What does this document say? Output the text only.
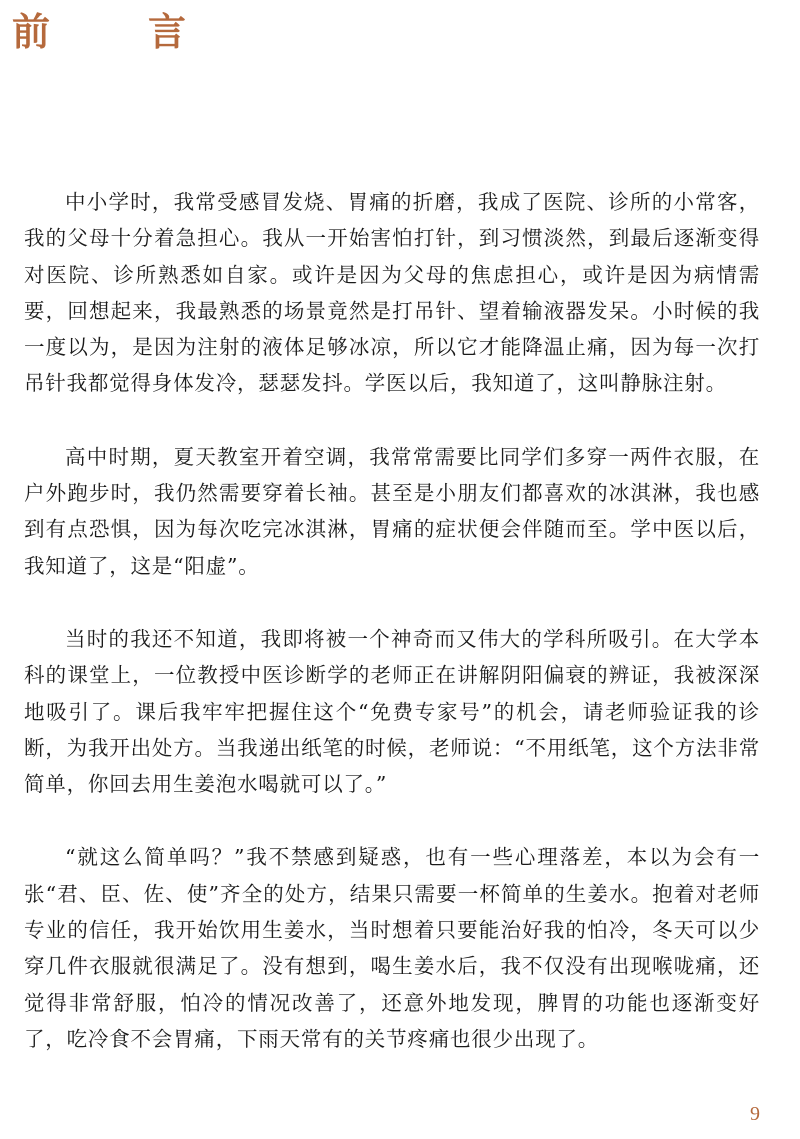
前　言

中小学时，我常受感冒发烧、胃痛的折磨，我成了医院、诊所的小常客，我的父母十分着急担心。我从一开始害怕打针，到习惯淡然，到最后逐渐变得对医院、诊所熟悉如自家。或许是因为父母的焦虑担心，或许是因为病情需要，回想起来，我最熟悉的场景竟然是打吊针、望着输液器发呆。小时候的我一度以为，是因为注射的液体足够冰凉，所以它才能降温止痛，因为每一次打吊针我都觉得身体发冷，瑟瑟发抖。学医以后，我知道了，这叫静脉注射。

高中时期，夏天教室开着空调，我常常需要比同学们多穿一两件衣服，在户外跑步时，我仍然需要穿着长袖。甚至是小朋友们都喜欢的冰淇淋，我也感到有点恐惧，因为每次吃完冰淇淋，胃痛的症状便会伴随而至。学中医以后，我知道了，这是“阳虚”。

当时的我还不知道，我即将被一个神奇而又伟大的学科所吸引。在大学本科的课堂上，一位教授中医诊断学的老师正在讲解阴阳偏衰的辨证，我被深深地吸引了。课后我牢牢把握住这个“免费专家号”的机会，请老师验证我的诊断，为我开出处方。当我递出纸笔的时候，老师说：“不用纸笔，这个方法非常简单，你回去用生姜泡水喝就可以了。”

“就这么简单吗？”我不禁感到疑惑，也有一些心理落差，本以为会有一张“君、臣、佐、使”齐全的处方，结果只需要一杯简单的生姜水。抱着对老师专业的信任，我开始饮用生姜水，当时想着只要能治好我的怕冷，冬天可以少穿几件衣服就很满足了。没有想到，喝生姜水后，我不仅没有出现喉咙痛，还觉得非常舒服，怕冷的情况改善了，还意外地发现，脾胃的功能也逐渐变好了，吃冷食不会胃痛，下雨天常有的关节疼痛也很少出现了。

9
